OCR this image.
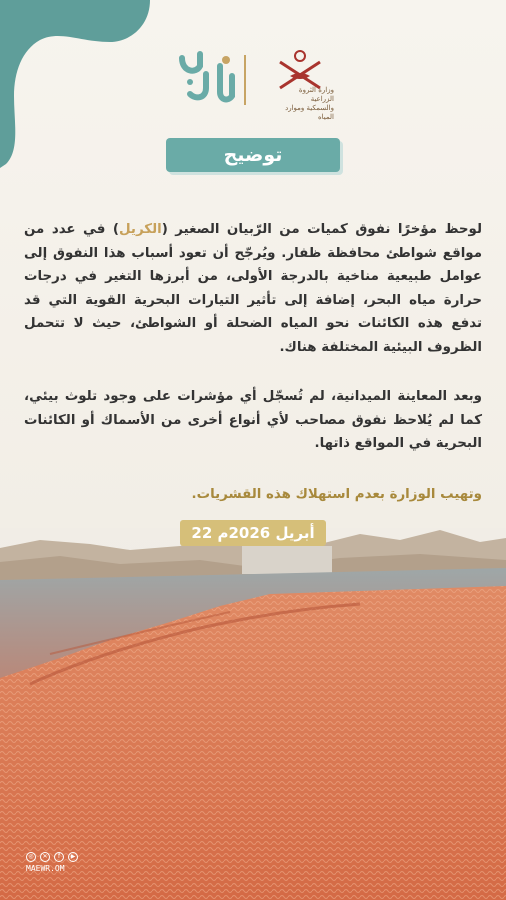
وزارة الثروة الزراعية والسمكية وموارد المياه
توضيح

لوحظ مؤخرًا نفوق كميات من الرّبيان الصغير (الكريل) في عدد من مواقع شواطئ محافظة ظفار. ويُرجّح أن تعود أسباب هذا النفوق إلى عوامل طبيعية مناخية بالدرجة الأولى، من أبرزها التغير في درجات حرارة مياه البحر، إضافة إلى تأثير التيارات البحرية القوية التي قد تدفع هذه الكائنات نحو المياه الضحلة أو الشواطئ، حيث لا تتحمل الظروف البيئية المختلفة هناك.

وبعد المعاينة الميدانية، لم تُسجّل أي مؤشرات على وجود تلوث بيئي، كما لم يُلاحظ نفوق مصاحب لأي أنواع أخرى من الأسماك أو الكائنات البحرية في المواقع ذاتها.

وتهيب الوزارة بعدم استهلاك هذه القشريات.

22 أبريل 2026م
◎	✕	f	▶
MAEWR.OM
